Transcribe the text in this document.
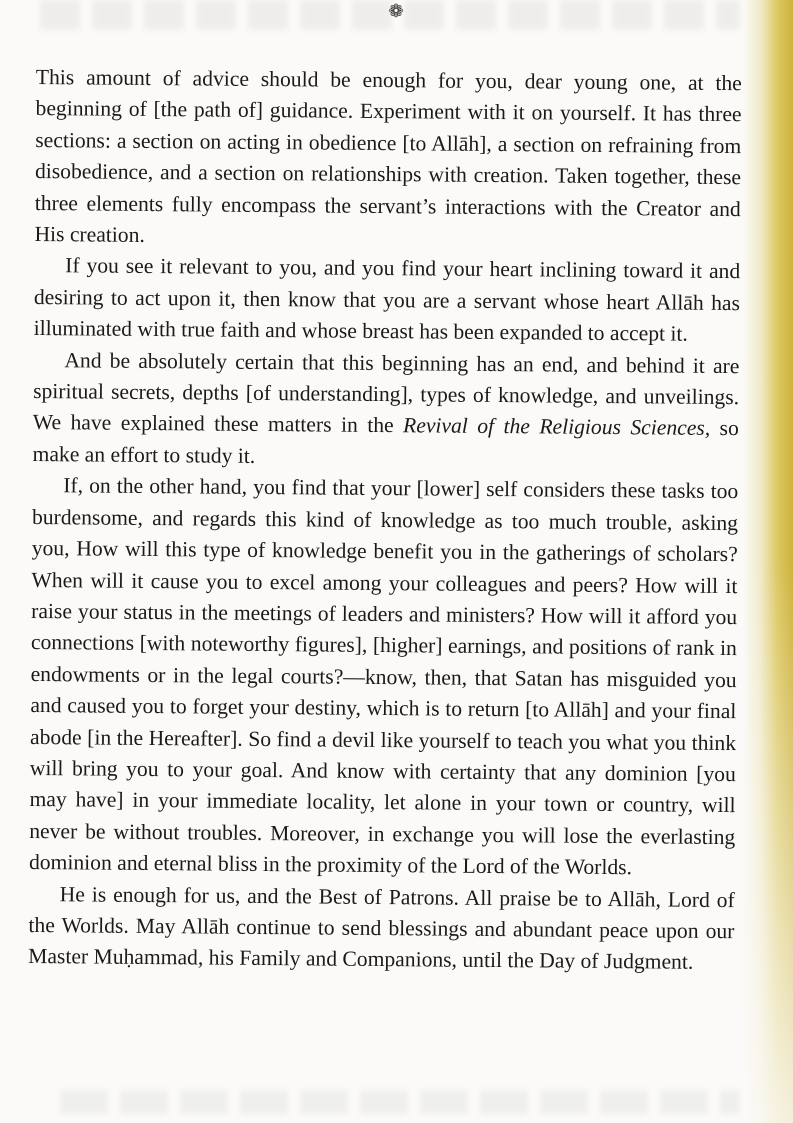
❁

This amount of advice should be enough for you, dear young one, at the beginning of [the path of] guidance. Experiment with it on yourself. It has three sections: a section on acting in obedience [to Allāh], a section on refraining from disobedience, and a section on relationships with creation. Taken together, these three elements fully encompass the servant’s interactions with the Creator and His creation.

If you see it relevant to you, and you find your heart inclining toward it and desiring to act upon it, then know that you are a servant whose heart Allāh has illuminated with true faith and whose breast has been expanded to accept it.

And be absolutely certain that this beginning has an end, and behind it are spiritual secrets, depths [of understanding], types of knowledge, and unveilings. We have explained these matters in the Revival of the Religious Sciences, so make an effort to study it.

If, on the other hand, you find that your [lower] self considers these tasks too burdensome, and regards this kind of knowledge as too much trouble, asking you, How will this type of knowledge benefit you in the gatherings of scholars? When will it cause you to excel among your colleagues and peers? How will it raise your status in the meetings of leaders and ministers? How will it afford you connections [with noteworthy figures], [higher] earnings, and positions of rank in endowments or in the legal courts?—know, then, that Satan has misguided you and caused you to forget your destiny, which is to return [to Allāh] and your final abode [in the Hereafter]. So find a devil like yourself to teach you what you think will bring you to your goal. And know with certainty that any dominion [you may have] in your immediate locality, let alone in your town or country, will never be without troubles. Moreover, in exchange you will lose the everlasting dominion and eternal bliss in the proximity of the Lord of the Worlds.

He is enough for us, and the Best of Patrons. All praise be to Allāh, Lord of the Worlds. May Allāh continue to send blessings and abundant peace upon our Master Muḥammad, his Family and Companions, until the Day of Judgment.
